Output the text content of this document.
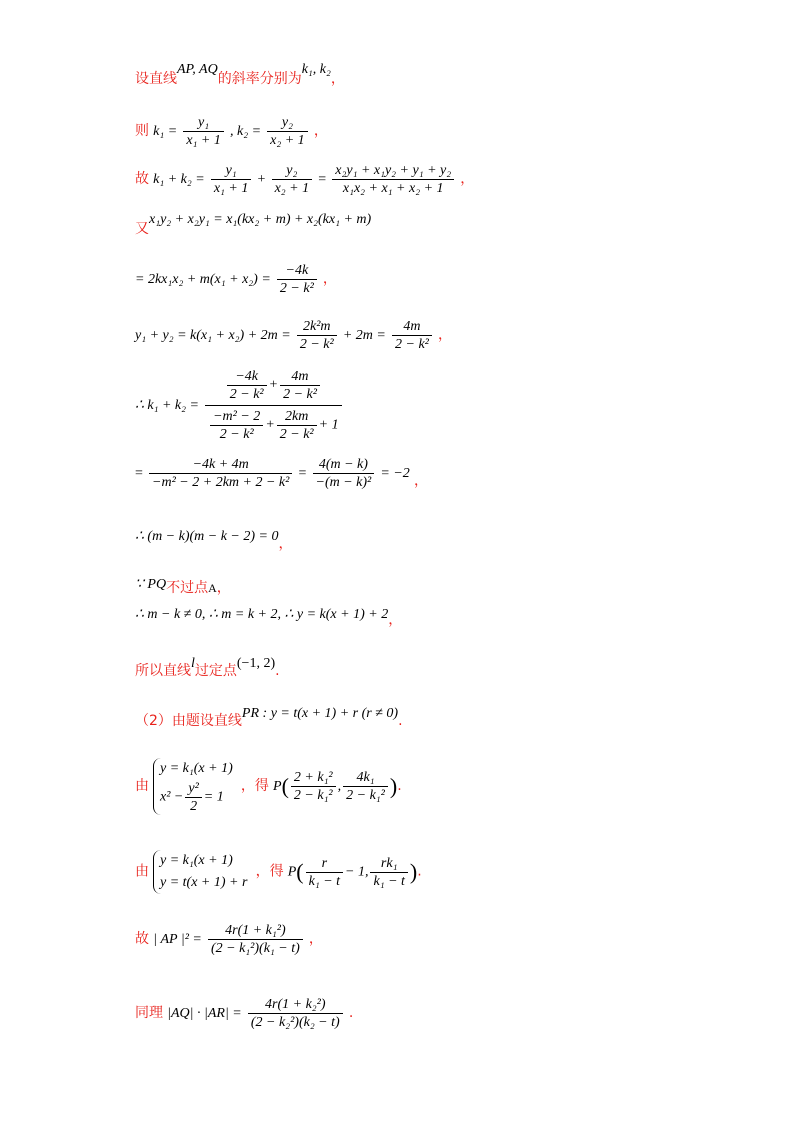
设直线AP, AQ的斜率分别为k₁, k₂，
则 $k_1 = \frac{\text{y₁}}{\text{x₁ + 1}}$ , $k_2 = \frac{\text{y₂}}{\text{x₂ + 1}}$ ，
故 $k_1 + k_2 = \frac{\text{y₁}}{\text{x₁ + 1}} + \frac{\text{y₂}}{\text{x₂ + 1}} = \frac{\text{x₂y₁ + x₁y₂ + y₁ + y₂}}{\text{x₁x₂ + x₁ + x₂ + 1}}$ ，
又x₁y₂ + x₂y₁ = x₁(kx₂ + m) + x₂(kx₁ + m)
= $2kx_1x_2 + m(x_1 + x_2) = \frac{-4k}{\text{2 − k²}}$ ，
$y_1 + y_2 = k(x_1 + x_2) + 2m = \frac{\text{2k²m}}{\text{2 − k²}} + 2m = \frac{4m}{\text{2 − k²}}$ ，
∴ $k_1 + k_2 = \frac{\frac{-4k}{\text{2 − k²}} + \frac{4m}{\text{2 − k²}}}{\frac{\text{−m² − 2}}{\text{2 − k²}} + \frac{2km}{\text{2 − k²}} + 1}$
= $\frac{-4k + 4m}{\text{−m² − 2 + 2km + 2 − k²}} = \frac{4(m - k)}{\text{−(m − k)²}} = -2$ ，
∴ (m − k)(m − k − 2) = 0，
∵ PQ不过点A，
∴ m − k ≠ 0, ∴ m = k + 2, ∴ y = k(x + 1) + 2，
所以直线l过定点(−1, 2).
（2）由题设直线PR : y = t(x + 1) + r (r ≠ 0).
由
y = k₁(x + 1)
$x^2 - \frac{\text{y²}}{2} = 1$
，得 $P( \frac{\text{2 + k₁²}}{\text{2 − k₁²}}$ , $\frac{\text{4k₁}}{\text{2 − k₁²}}$ ).
由
y = k₁(x + 1)
y = t(x + 1) + r
，得 $P( \frac{r}{\text{k₁ − t}} - 1$, $\frac{\text{rk₁}}{\text{k₁ − t}}$ ).
故 | AP $|^2 = \frac{\text{4r(1 + k₁²)}}{\text{(2 − k₁²)(k₁ − t)}}$ ，
同理 $|AQ| \cdot |AR| = \frac{\text{4r(1 + k₂²)}}{\text{(2 − k₂²)(k₂ − t)}}$ .
